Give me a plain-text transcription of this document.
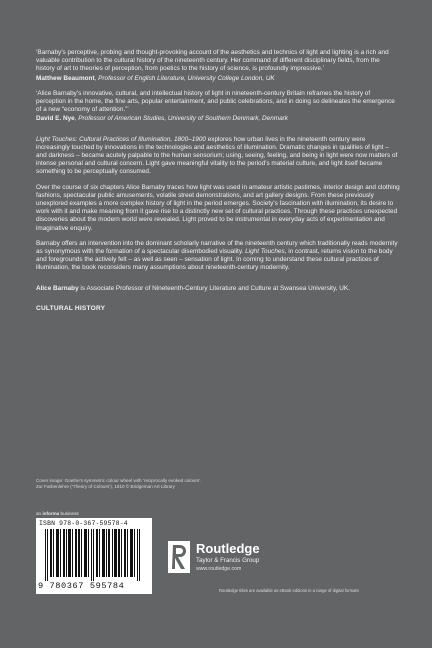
‘Barnaby’s perceptive, probing and thought-provoking account of the aesthetics and technics of light and lighting is a rich and valuable contribution to the cultural history of the nineteenth century. Her command of different disciplinary fields, from the history of art to theories of perception, from poetics to the history of science, is profoundly impressive.’
Matthew Beaumont, Professor of English Literature, University College London, UK
‘Alice Barnaby’s innovative, cultural, and intellectual history of light in nineteenth-century Britain reframes the history of perception in the home, the fine arts, popular entertainment, and public celebrations, and in doing so delineates the emergence of a new “economy of attention.”’
David E. Nye, Professor of American Studies, University of Southern Denmark, Denmark

Light Touches: Cultural Practices of Illumination, 1800–1900 explores how urban lives in the nineteenth century were increasingly touched by innovations in the technologies and aesthetics of illumination. Dramatic changes in qualities of light – and darkness – became acutely palpable to the human sensorium; using, seeing, feeling, and being in light were now matters of intense personal and cultural concern. Light gave meaningful vitality to the period’s material culture, and light itself became something to be perceptually consumed.

Over the course of six chapters Alice Barnaby traces how light was used in amateur artistic pastimes, interior design and clothing fashions, spectacular public amusements, volatile street demonstrations, and art gallery designs. From these previously unexplored examples a more complex history of light in the period emerges. Society’s fascination with illumination, its desire to work with it and make meaning from it gave rise to a distinctly new set of cultural practices. Through these practices unexpected discoveries about the modern world were revealed. Light proved to be instrumental in everyday acts of experimentation and imaginative enquiry.

Barnaby offers an intervention into the dominant scholarly narrative of the nineteenth century which traditionally reads modernity as synonymous with the formation of a spectacular disembodied visuality. Light Touches, in contrast, returns vision to the body and foregrounds the actively felt – as well as seen – sensation of light. In coming to understand these cultural practices of illumination, the book reconsiders many assumptions about nineteenth-century modernity.

Alice Barnaby is Associate Professor of Nineteenth-Century Literature and Culture at Swansea University, UK.

CULTURAL HISTORY
Cover image: Goethe’s symmetric colour wheel with ‘reciprocally evoked colours’.
Zur Farbenlehre (‘Theory of Colours’), 1810 © Bridgeman Art Library
an informa business
ISBN 978-0-367-59578-4
9 780367 595784
Routledge
Taylor & Francis Group
www.routledge.com
Routledge titles are available as eBook editions in a range of digital formats
